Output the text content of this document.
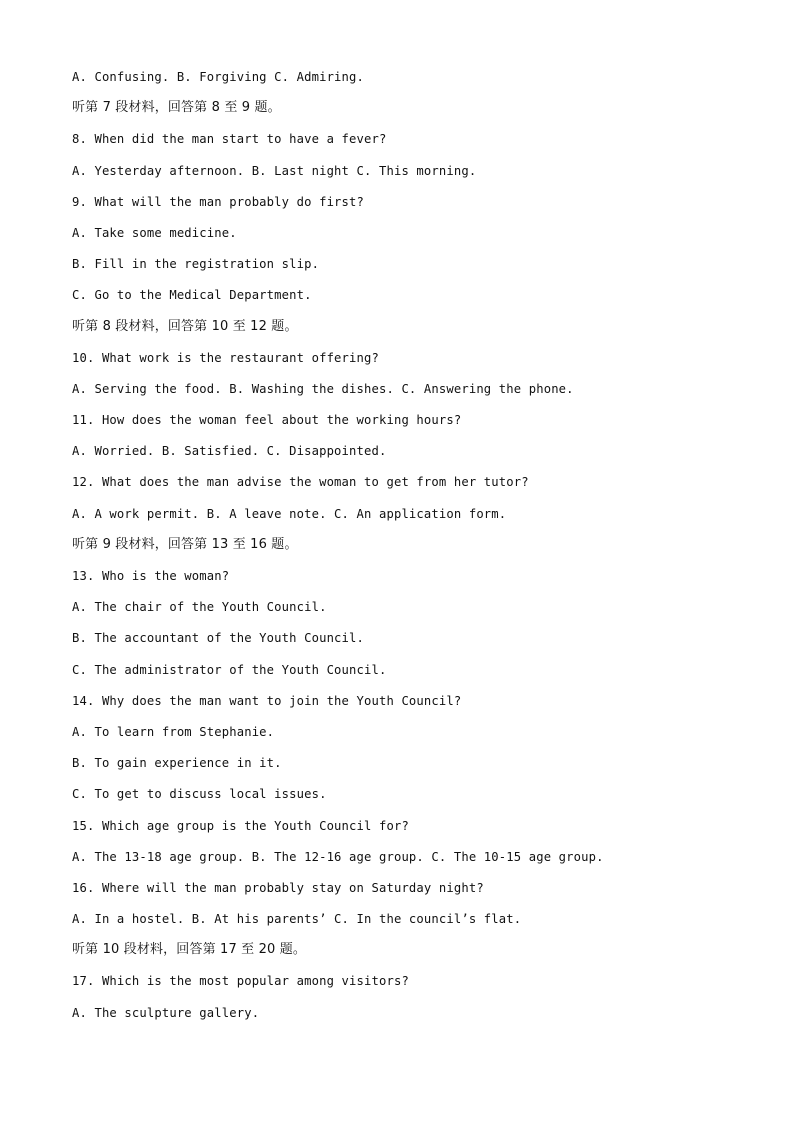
A. Confusing. B. Forgiving C. Admiring.
听第 7 段材料，回答第 8 至 9 题。
8. When did the man start to have a fever?
A. Yesterday afternoon. B. Last night C. This morning.
9. What will the man probably do first?
A. Take some medicine.
B. Fill in the registration slip.
C. Go to the Medical Department.
听第 8 段材料，回答第 10 至 12 题。
10. What work is the restaurant offering?
A. Serving the food. B. Washing the dishes. C. Answering the phone.
11. How does the woman feel about the working hours?
A. Worried. B. Satisfied. C. Disappointed.
12. What does the man advise the woman to get from her tutor?
A. A work permit. B. A leave note. C. An application form.
听第 9 段材料，回答第 13 至 16 题。
13. Who is the woman?
A. The chair of the Youth Council.
B. The accountant of the Youth Council.
C. The administrator of the Youth Council.
14. Why does the man want to join the Youth Council?
A. To learn from Stephanie.
B. To gain experience in it.
C. To get to discuss local issues.
15. Which age group is the Youth Council for?
A. The 13-18 age group. B. The 12-16 age group. C. The 10-15 age group.
16. Where will the man probably stay on Saturday night?
A. In a hostel. B. At his parents’ C. In the council’s flat.
听第 10 段材料，回答第 17 至 20 题。
17. Which is the most popular among visitors?
A. The sculpture gallery.
